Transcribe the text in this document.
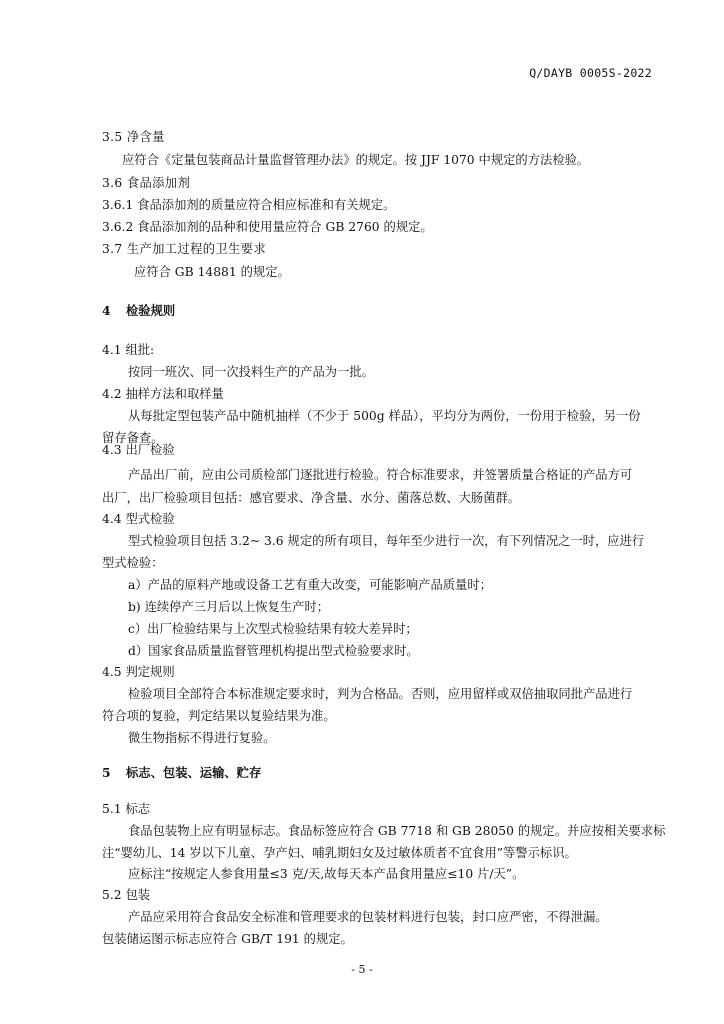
Q/DAYB 0005S-2022
3.5 净含量
应符合《定量包装商品计量监督管理办法》的规定。按 JJF 1070 中规定的方法检验。
3.6 食品添加剂
3.6.1 食品添加剂的质量应符合相应标准和有关规定。
3.6.2 食品添加剂的品种和使用量应符合 GB 2760 的规定。
3.7 生产加工过程的卫生要求
应符合 GB 14881 的规定。
4 检验规则
4.1 组批:
按同一班次、同一次投料生产的产品为一批。
4.2 抽样方法和取样量
从每批定型包装产品中随机抽样（不少于 500g 样品），平均分为两份，一份用于检验，另一份
留存备查。
4.3 出厂检验
产品出厂前，应由公司质检部门逐批进行检验。符合标准要求，并签署质量合格证的产品方可
出厂，出厂检验项目包括：感官要求、净含量、水分、菌落总数、大肠菌群。
4.4 型式检验
型式检验项目包括 3.2~ 3.6 规定的所有项目，每年至少进行一次，有下列情况之一时，应进行
型式检验：
a）产品的原料产地或设备工艺有重大改变，可能影响产品质量时；
b) 连续停产三月后以上恢复生产时；
c）出厂检验结果与上次型式检验结果有较大差异时；
d）国家食品质量监督管理机构提出型式检验要求时。
4.5 判定规则
检验项目全部符合本标准规定要求时，判为合格品。否则，应用留样或双倍抽取同批产品进行
符合项的复验，判定结果以复验结果为准。
微生物指标不得进行复验。
5 标志、包装、运输、贮存
5.1 标志
食品包装物上应有明显标志。食品标签应符合 GB 7718 和 GB 28050 的规定。并应按相关要求标
注“婴幼儿、14 岁以下儿童、孕产妇、哺乳期妇女及过敏体质者不宜食用”等警示标识。
应标注“按规定人参食用量≤3 克/天,故每天本产品食用量应≤10 片/天”。
5.2 包装
产品应采用符合食品安全标准和管理要求的包装材料进行包装，封口应严密，不得泄漏。
包装储运图示标志应符合 GB/T 191 的规定。
- 5 -
